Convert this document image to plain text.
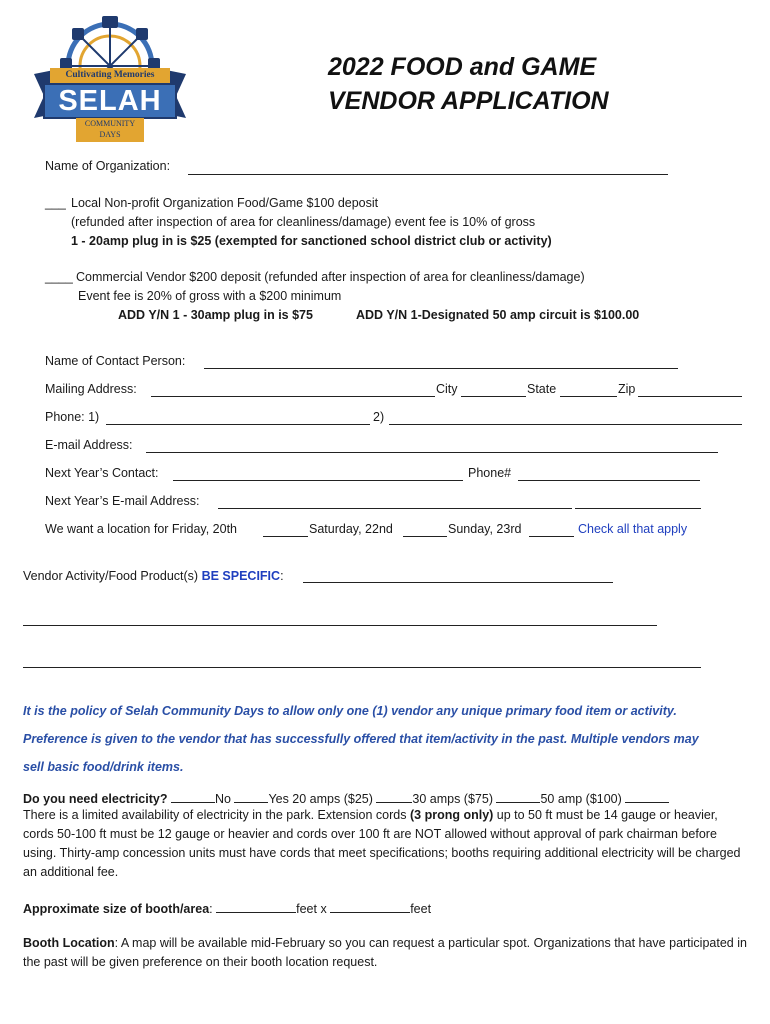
Cultivating Memories
SELAH
COMMUNITY
DAYS
2022 FOOD and GAME
VENDOR APPLICATION
Name of Organization:
___ Local Non-profit Organization Food/Game $100 deposit
(refunded after inspection of area for cleanliness/damage) event fee is 10% of gross
1 - 20amp plug in is $25 (exempted for sanctioned school district club or activity)
____ Commercial Vendor $200 deposit (refunded after inspection of area for cleanliness/damage)
Event fee is 20% of gross with a $200 minimum
ADD Y/N 1 - 30amp plug in is $75	ADD Y/N 1-Designated 50 amp circuit is $100.00
Name of Contact Person:
Mailing Address:	City	State	Zip
Phone: 1)	2)
E-mail Address:
Next Year’s Contact:	Phone#
Next Year’s E-mail Address:
We want a location for Friday, 20th	Saturday, 22nd	Sunday, 23rd	Check all that apply
Vendor Activity/Food Product(s) BE SPECIFIC:
It is the policy of Selah Community Days to allow only one (1) vendor any unique primary food item or activity.
Preference is given to the vendor that has successfully offered that item/activity in the past. Multiple vendors may
sell basic food/drink items.
Do you need electricity?	No	Yes 20 amps ($25)	30 amps ($75)	50 amp ($100)
There is a limited availability of electricity in the park. Extension cords (3 prong only) up to 50 ft must be 14 gauge or heavier, cords 50-100 ft must be 12 gauge or heavier and cords over 100 ft are NOT allowed without approval of park chairman before using. Thirty-amp concession units must have cords that meet specifications; booths requiring additional electricity will be charged an additional fee.
Approximate size of booth/area:	feet x	feet
Booth Location: A map will be available mid-February so you can request a particular spot. Organizations that have participated in the past will be given preference on their booth location request.
